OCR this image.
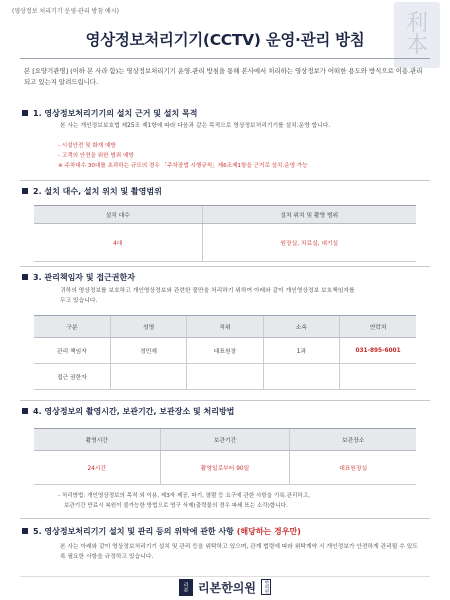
(영상정보 처리기기 운영·관리 방침 예시)	利
本
영상정보처리기기(CCTV) 운영·관리 방침
본 [요양기관명] (이하 본 사라 함)는 영상정보처리기기 운영.관리 방침을 통해 본사에서 처리하는 영상정보가 어떠한 용도와 방식으로 이용.관리되고 있는지 알려드립니다.
1. 영상정보처리기기의 설치 근거 및 설치 목적
본 사는 개인정보보호법 제25조 제1항에 따라 다음과 같은 목적으로 영상정보처리기기를 설치.운영 합니다.
- 시설안전 및 화재 예방
- 고객의 안전을 위한 범죄 예방
※ 주차대수 30대를 초과하는 규모의 경우 「주차장법 시행규칙」제6조제1항을 근거로 설치.운영 가능
2. 설치 대수, 설치 위치 및 촬영범위
설치 대수	설치 위치 및 촬영 범위
4대	원장실, 치료실, 대기실
3. 관리책임자 및 접근권한자
귀하의 영상정보를 보호하고 개인영상정보와 관련한 불만을 처리하기 위하여 아래와 같이 개인영상정보 보호책임자를 두고 있습니다.
구분	성명	직위	소속	연락처
관리 책임자	정민재	대표원장	1과	031-895-6001
접근 권한자				
4. 영상정보의 촬영시간, 보관기간, 보관장소 및 처리방법
촬영시간	보관기간	보관장소
24시간	촬영일로부터 90일	대표원장실
- 처리방법: 개인영상정보의 목적 외 이용, 제3자 제공, 파기, 열람 등 요구에 관한 사항을 기록.관리하고,
보관기간 만료시 복원이 불가능한 방법으로 영구 삭제(출력물의 경우 파쇄 또는 소각)합니다.
5. 영상정보처리기기 설치 및 관리 등의 위탁에 관한 사항 (해당하는 경우만)
본 사는 아래와 같이 영상정보처리기기 설치 및 관리 등을 위탁하고 있으며, 관계 법령에 따라 위탁계약 시 개인정보가 안전하게 관리될 수 있도록 필요한 사항을 규정하고 있습니다.
리본 리본한의원	한의원
